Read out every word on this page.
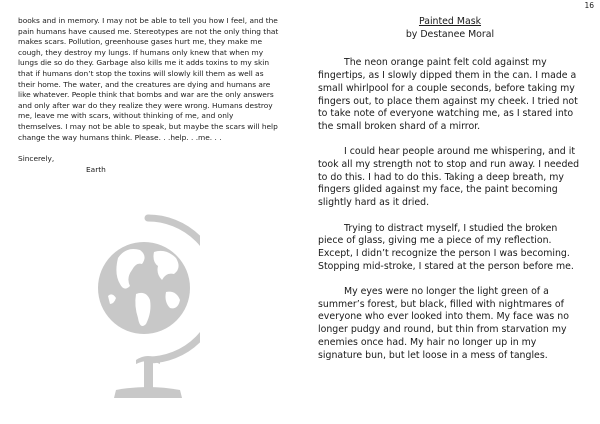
16

books and in memory. I may not be able to tell you how I feel, and the pain humans have caused me. Stereotypes are not the only thing that makes scars. Pollution, greenhouse gases hurt me, they make me cough, they destroy my lungs. If humans only knew that when my lungs die so do they. Garbage also kills me it adds toxins to my skin that if humans don’t stop the toxins will slowly kill them as well as their home. The water, and the creatures are dying and humans are like whatever. People think that bombs and war are the only answers and only after war do they realize they were wrong. Humans destroy me, leave me with scars, without thinking of me, and only themselves. I may not be able to speak, but maybe the scars will help change the way humans think. Please. . .help. . .me. . .

Sincerely,

Earth

Painted Mask

by Destanee Moral

The neon orange paint felt cold against my fingertips, as I slowly dipped them in the can. I made a small whirlpool for a couple seconds, before taking my fingers out, to place them against my cheek. I tried not to take note of everyone watching me, as I stared into the small broken shard of a mirror.

I could hear people around me whispering, and it took all my strength not to stop and run away. I needed to do this. I had to do this. Taking a deep breath, my fingers glided against my face, the paint becoming slightly hard as it dried.

Trying to distract myself, I studied the broken piece of glass, giving me a piece of my reflection. Except, I didn’t recognize the person I was becoming. Stopping mid-stroke, I stared at the person before me.

My eyes were no longer the light green of a summer’s forest, but black, filled with nightmares of everyone who ever looked into them. My face was no longer pudgy and round, but thin from starvation my enemies once had. My hair no longer up in my signature bun, but let loose in a mess of tangles.
